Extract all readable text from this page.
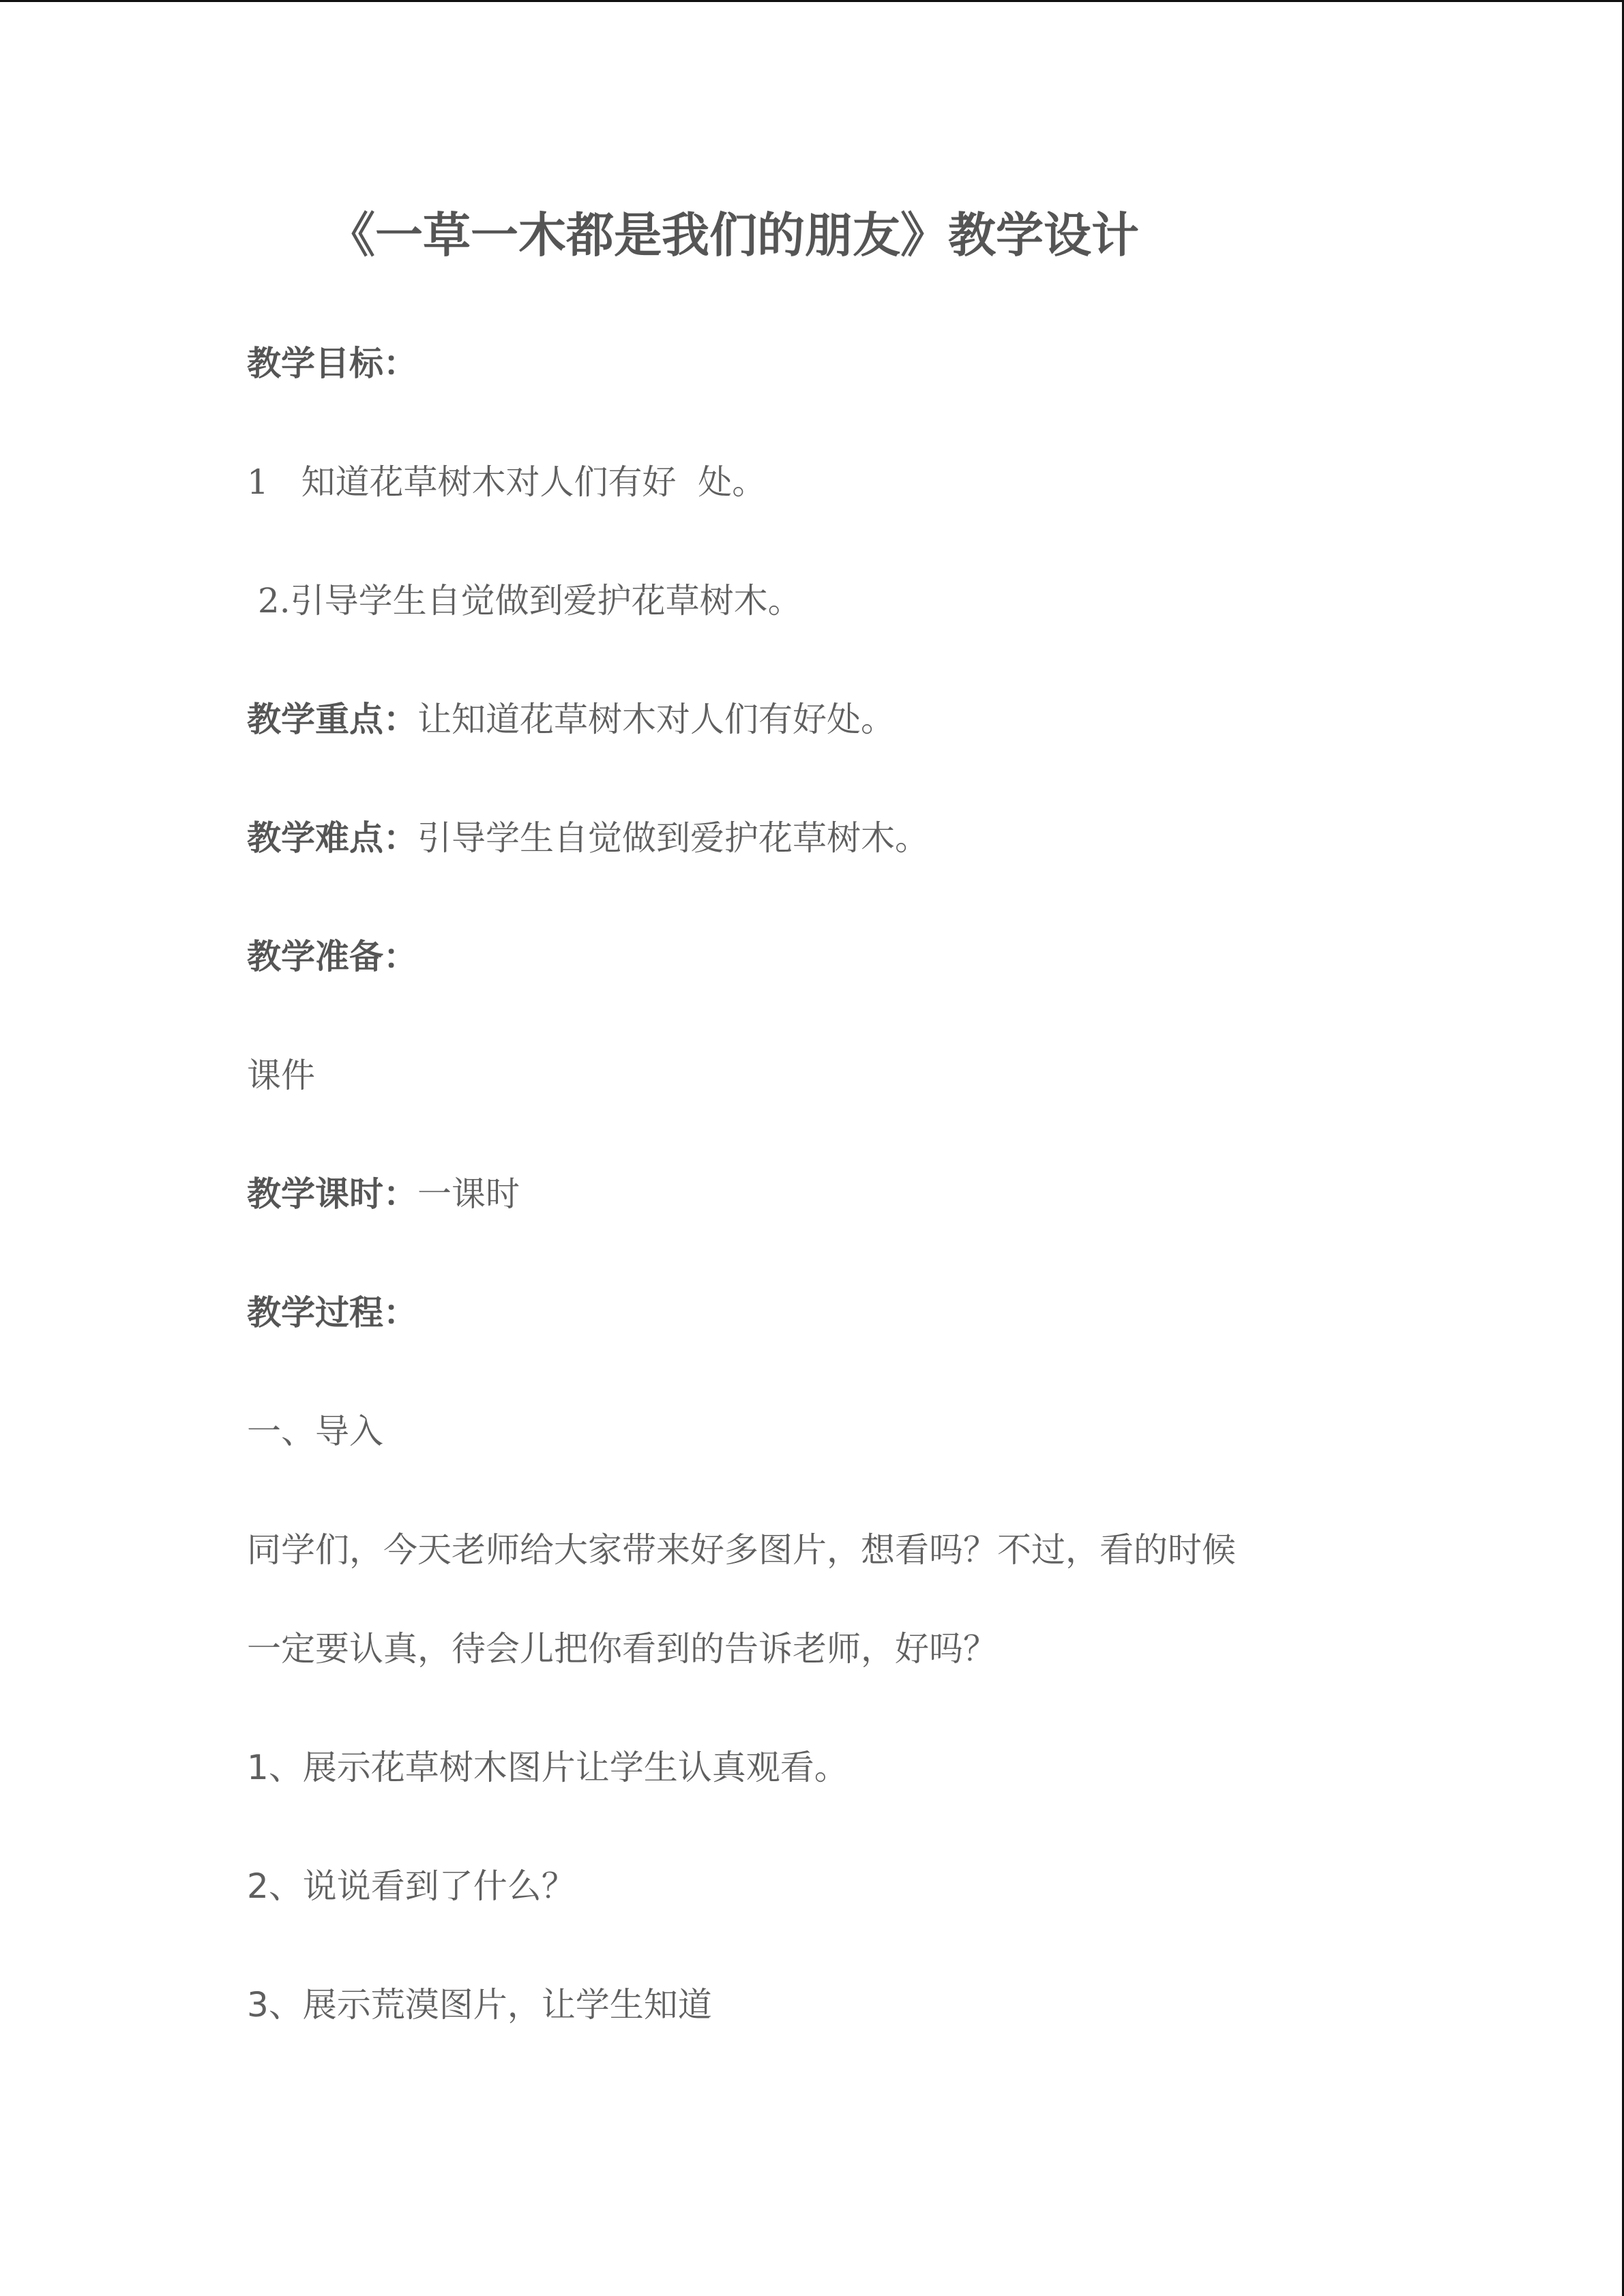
《一草一木都是我们的朋友》教学设计
教学目标：
1   知道花草树木对人们有好  处。
2.引导学生自觉做到爱护花草树木。
教学重点：让知道花草树木对人们有好处。
教学难点：引导学生自觉做到爱护花草树木。
教学准备：
课件
教学课时：一课时
教学过程：
一、导入
同学们，今天老师给大家带来好多图片，想看吗？不过，看的时候
一定要认真，待会儿把你看到的告诉老师，好吗？
1、展示花草树木图片让学生认真观看。
2、说说看到了什么？
3、展示荒漠图片，让学生知道
